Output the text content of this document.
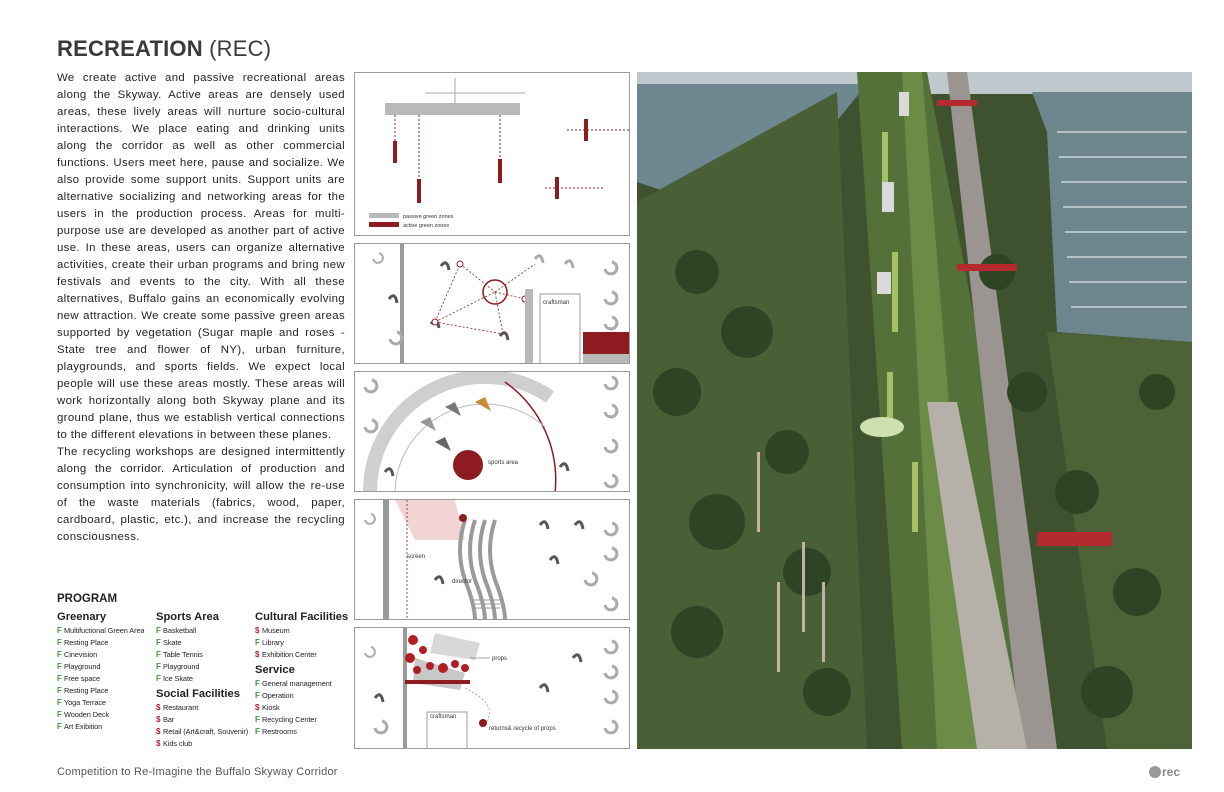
RECREATION (REC)

We create active and passive recreational areas along the Skyway. Active areas are densely used areas, these lively areas will nurture socio-cultural interactions. We place eating and drinking units along the corridor as well as other commercial functions. Users meet here, pause and socialize. We also provide some support units. Support units are alternative socializing and networking areas for the users in the production process. Areas for multi-purpose use are developed as another part of active use. In these areas, users can organize alternative activities, create their urban programs and bring new festivals and events to the city. With all these alternatives, Buffalo gains an economically evolving new attraction. We create some passive green areas supported by vegetation (Sugar maple and roses - State tree and flower of NY), urban furniture, playgrounds, and sports fields. We expect local people will use these areas mostly. These areas will work horizontally along both Skyway plane and its ground plane, thus we establish vertical connections to the different elevations in between these planes.

The recycling workshops are designed intermittently along the corridor. Articulation of production and consumption into synchronicity, will allow the re-use of the waste materials (fabrics, wood, paper, cardboard, plastic, etc.), and increase the recycling consciousness.

PROGRAM
Greenary
F Multifuctional Green Area
F Resting Place
F Cinevision
F Playground
F Free space
F Resting Place
F Yoga Terrace
F Wooden Deck
F Art Exibition
Sports Area
F Basketball
F Skate
F Table Tennis
F Playground
F Ice Skate
Social Facilities
$ Restaurant
$ Bar
$ Retail (Art&craft, Souvenir)
$ Kids club
Cultural Facilities
$ Museum
F Library
$ Exhibition Center
Service
F General management
F Operation
$ Kiosk
F Recycling Center
F Restrooms
passive green zones
active green zones
craftsman
sports area
screen
director
props
craftsman
returns& recycle of props
Competition to Re-Imagine the Buffalo Skyway Corridor	rec
